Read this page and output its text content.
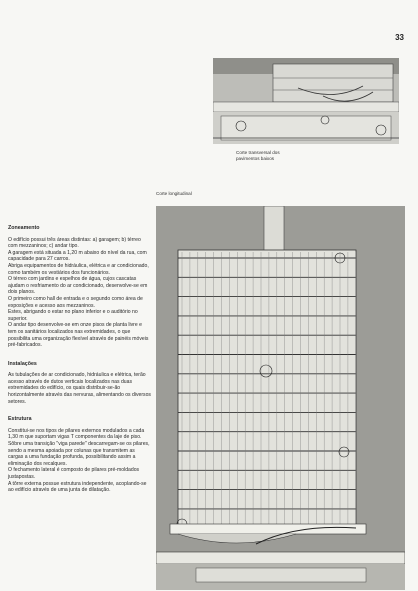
33
Corte transversal dos
pavimentos baixos
Corte longitudinal
Zoneamento

O edifício possui três áreas distintas: a) garagem; b) térreo com mezzaninos; c) andar tipo.

A garagem está situada a 1,20 m abaixo do nível da rua, com capacidade para 27 carros.

Abriga equipamentos de hidráulica, elétrica e ar condicionado, como também os vestiários dos funcionários.

O térreo com jardins e espelhos de água, cujos cascatas ajudam o resfriamento do ar condicionado, desenvolve-se em dois planos.

O primeiro como hall de entrada e o segundo como área de exposições e acesso aos mezzaninos.

Estes, abrigando o estar no plano inferior e o auditório no superior.

O andar tipo desenvolve-se em onze pisos de planta livre e tem os sanitários localizados nas extremidades, o que possibilita uma organização flexível através de painéis móveis pré-fabricados.

Instalações

As tubulações de ar condicionado, hidráulica e elétrica, terão acesso através de dutos verticais localizados nas duas extremidades do edifício, os quais distribuir-se-ão horizontalmente através das nervuras, alimentando os diversos setores.

Estrutura

Constitui-se nos tipos de pilares externos modulados a cada 1,30 m que suportam vigas T componentes da laje de piso.

Sôbre uma transição "viga parede" descarregam-se os pilares, sendo a mesma apoiada por colunas que transmitem as cargas a uma fundação profunda, possibilitando assim a eliminação dos recalques.

O fechamento lateral é composto de pilares pré-moldados justapostas.

A tôrre externa possue estrutura independente, acoplando-se ao edifício através de uma junta de dilatação.
